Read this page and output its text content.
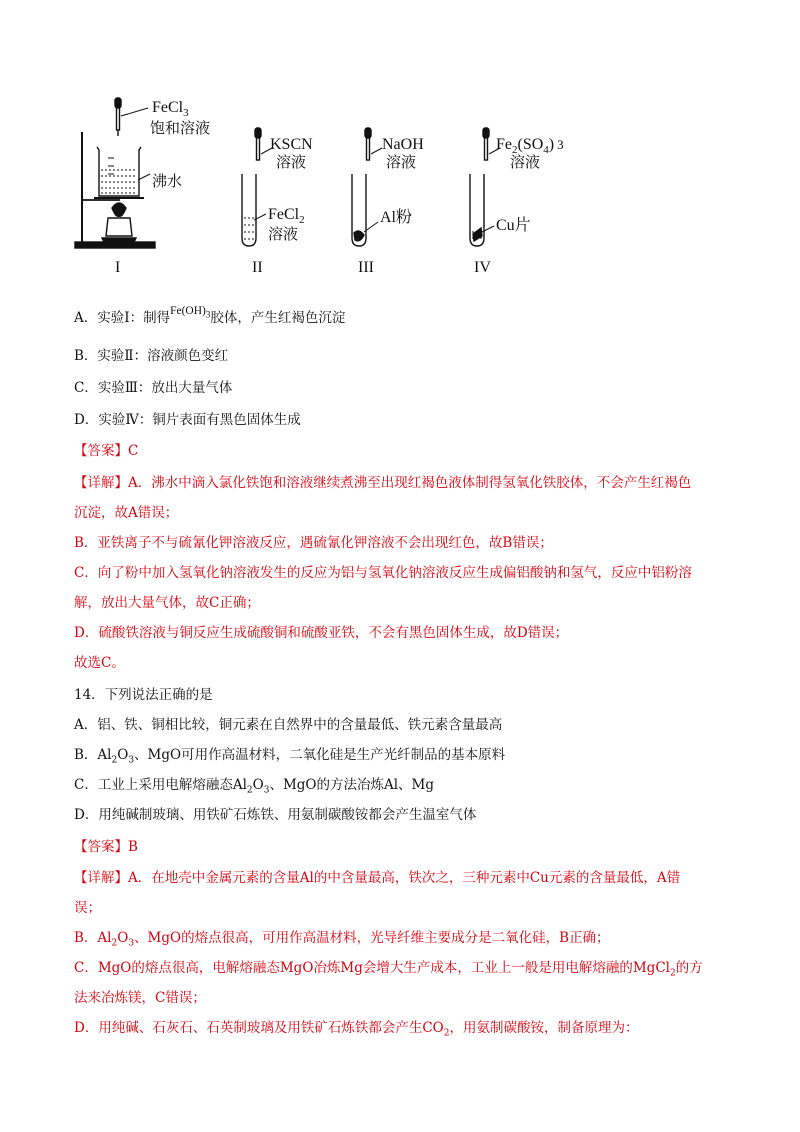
FeCl$_3$
饱和溶液
沸水
KSCN
溶液
FeCl$_2$
溶液
NaOH
溶液
Al粉
$Fe_2(SO_4)$ 3
溶液
Cu片
I	II	III	IV
A．实验Ⅰ：制得$Fe(OH)_3$胶体，产生红褐色沉淀
B．实验Ⅱ：溶液颜色变红
C．实验Ⅲ：放出大量气体
D．实验Ⅳ：铜片表面有黑色固体生成
【答案】C
【详解】A．沸水中滴入氯化铁饱和溶液继续煮沸至出现红褐色液体制得氢氧化铁胶体，不会产生红褐色
沉淀，故A错误；
B．亚铁离子不与硫氰化钾溶液反应，遇硫氰化钾溶液不会出现红色，故B错误；
C．向了粉中加入氢氧化钠溶液发生的反应为铝与氢氧化钠溶液反应生成偏铝酸钠和氢气，反应中铝粉溶
解，放出大量气体，故C正确；
D．硫酸铁溶液与铜反应生成硫酸铜和硫酸亚铁，不会有黑色固体生成，故D错误；
故选C。
14．下列说法正确的是
A．铝、铁、铜相比较，铜元素在自然界中的含量最低、铁元素含量最高
B．$Al_2O_3$、MgO可用作高温材料，二氧化硅是生产光纤制品的基本原料
C．工业上采用电解熔融态$Al_2O_3$、MgO的方法冶炼Al、Mg
D．用纯碱制玻璃、用铁矿石炼铁、用氨制碳酸铵都会产生温室气体
【答案】B
【详解】A．在地壳中金属元素的含量Al的中含量最高，铁次之，三种元素中Cu元素的含量最低，A错
误；
B．$Al_2O_3$、MgO的熔点很高，可用作高温材料，光导纤维主要成分是二氧化硅，B正确；
C．MgO的熔点很高，电解熔融态MgO冶炼Mg会增大生产成本，工业上一般是用电解熔融的MgCl$_2$的方
法来冶炼镁，C错误；
D．用纯碱、石灰石、石英制玻璃及用铁矿石炼铁都会产生$CO_2$，用氨制碳酸铵，制备原理为：
